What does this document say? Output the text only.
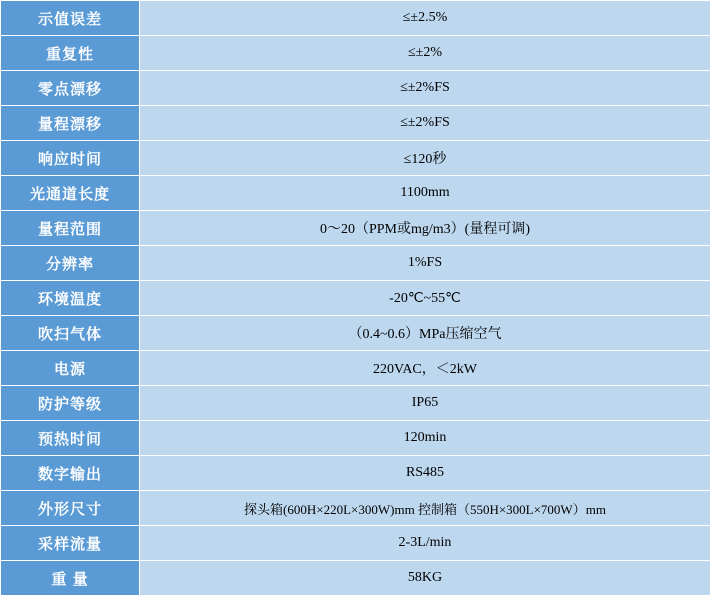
示值误差	≤±2.5%
重复性	≤±2%
零点漂移	≤±2%FS
量程漂移	≤±2%FS
响应时间	≤120秒
光通道长度	1100mm
量程范围	0～20（PPM或mg/m3）(量程可调)
分辨率	1%FS
环境温度	-20℃~55℃
吹扫气体	（0.4~0.6）MPa压缩空气
电源	220VAC，＜2kW
防护等级	IP65
预热时间	120min
数字输出	RS485
外形尺寸	探头箱(600H×220L×300W)mm 控制箱（550H×300L×700W）mm
采样流量	2-3L/min
重 量	58KG
